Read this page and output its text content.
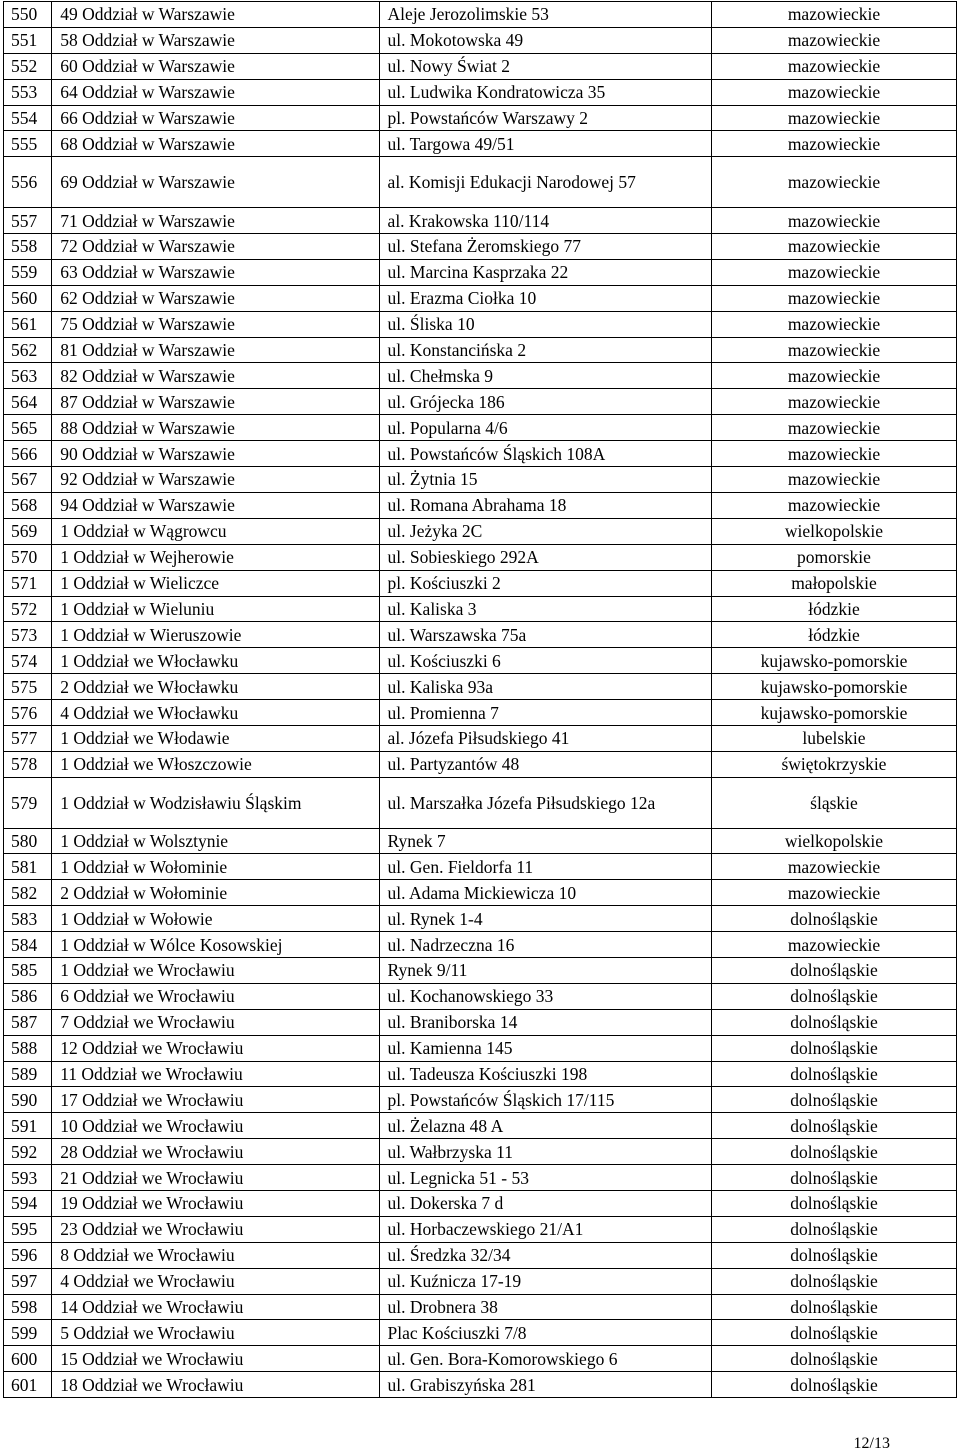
550	49 Oddział w Warszawie	Aleje Jerozolimskie 53	mazowieckie
551	58 Oddział w Warszawie	ul. Mokotowska 49	mazowieckie
552	60 Oddział w Warszawie	ul. Nowy Świat 2	mazowieckie
553	64 Oddział w Warszawie	ul. Ludwika Kondratowicza 35	mazowieckie
554	66 Oddział w Warszawie	pl. Powstańców Warszawy 2	mazowieckie
555	68 Oddział w Warszawie	ul. Targowa 49/51	mazowieckie
556	69 Oddział w Warszawie	al. Komisji Edukacji Narodowej 57	mazowieckie
557	71 Oddział w Warszawie	al. Krakowska 110/114	mazowieckie
558	72 Oddział w Warszawie	ul. Stefana Żeromskiego 77	mazowieckie
559	63 Oddział w Warszawie	ul. Marcina Kasprzaka 22	mazowieckie
560	62 Oddział w Warszawie	ul. Erazma Ciołka 10	mazowieckie
561	75 Oddział w Warszawie	ul. Śliska 10	mazowieckie
562	81 Oddział w Warszawie	ul. Konstancińska 2	mazowieckie
563	82 Oddział w Warszawie	ul. Chełmska 9	mazowieckie
564	87 Oddział w Warszawie	ul. Grójecka 186	mazowieckie
565	88 Oddział w Warszawie	ul. Popularna 4/6	mazowieckie
566	90 Oddział w Warszawie	ul. Powstańców Śląskich 108A	mazowieckie
567	92 Oddział w Warszawie	ul. Żytnia 15	mazowieckie
568	94 Oddział w Warszawie	ul. Romana Abrahama 18	mazowieckie
569	1 Oddział w Wągrowcu	ul. Jeżyka 2C	wielkopolskie
570	1 Oddział w Wejherowie	ul. Sobieskiego 292A	pomorskie
571	1 Oddział w Wieliczce	pl. Kościuszki 2	małopolskie
572	1 Oddział w Wieluniu	ul. Kaliska 3	łódzkie
573	1 Oddział w Wieruszowie	ul. Warszawska 75a	łódzkie
574	1 Oddział we Włocławku	ul. Kościuszki 6	kujawsko-pomorskie
575	2 Oddział we Włocławku	ul. Kaliska 93a	kujawsko-pomorskie
576	4 Oddział we Włocławku	ul. Promienna 7	kujawsko-pomorskie
577	1 Oddział we Włodawie	al. Józefa Piłsudskiego 41	lubelskie
578	1 Oddział we Włoszczowie	ul. Partyzantów 48	świętokrzyskie
579	1 Oddział w Wodzisławiu Śląskim	ul. Marszałka Józefa Piłsudskiego 12a	śląskie
580	1 Oddział w Wolsztynie	Rynek 7	wielkopolskie
581	1 Oddział w Wołominie	ul. Gen. Fieldorfa 11	mazowieckie
582	2 Oddział w Wołominie	ul. Adama Mickiewicza 10	mazowieckie
583	1 Oddział w Wołowie	ul. Rynek 1-4	dolnośląskie
584	1 Oddział w Wólce Kosowskiej	ul. Nadrzeczna 16	mazowieckie
585	1 Oddział we Wrocławiu	Rynek 9/11	dolnośląskie
586	6 Oddział we Wrocławiu	ul. Kochanowskiego 33	dolnośląskie
587	7 Oddział we Wrocławiu	ul. Braniborska 14	dolnośląskie
588	12 Oddział we Wrocławiu	ul. Kamienna 145	dolnośląskie
589	11 Oddział we Wrocławiu	ul. Tadeusza Kościuszki 198	dolnośląskie
590	17 Oddział we Wrocławiu	pl. Powstańców Śląskich 17/115	dolnośląskie
591	10 Oddział we Wrocławiu	ul. Żelazna 48 A	dolnośląskie
592	28 Oddział we Wrocławiu	ul. Wałbrzyska 11	dolnośląskie
593	21 Oddział we Wrocławiu	ul. Legnicka 51 - 53	dolnośląskie
594	19 Oddział we Wrocławiu	ul. Dokerska 7 d	dolnośląskie
595	23 Oddział we Wrocławiu	ul. Horbaczewskiego 21/A1	dolnośląskie
596	8 Oddział we Wrocławiu	ul. Średzka 32/34	dolnośląskie
597	4 Oddział we Wrocławiu	ul. Kuźnicza 17-19	dolnośląskie
598	14 Oddział we Wrocławiu	ul. Drobnera 38	dolnośląskie
599	5 Oddział we Wrocławiu	Plac Kościuszki 7/8	dolnośląskie
600	15 Oddział we Wrocławiu	ul. Gen. Bora-Komorowskiego 6	dolnośląskie
601	18 Oddział we Wrocławiu	ul. Grabiszyńska 281	dolnośląskie
12/13
